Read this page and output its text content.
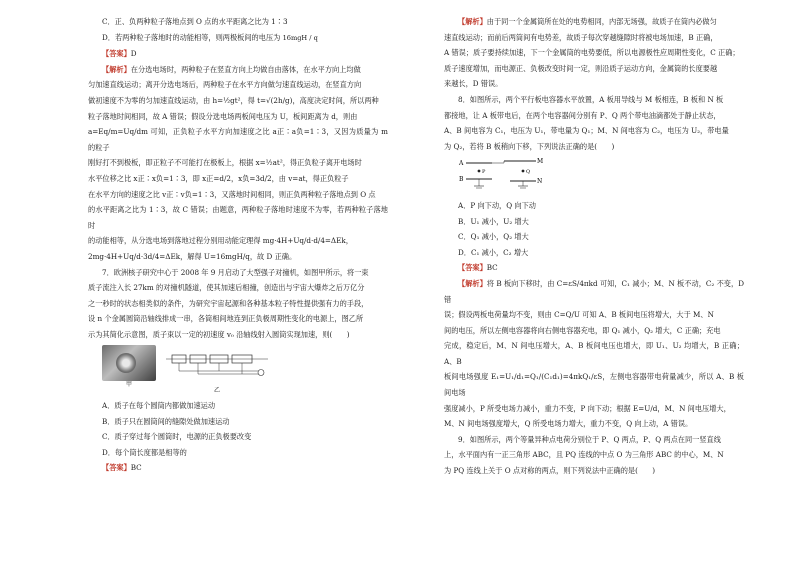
C．正、负两种粒子落地点到 O 点的水平距离之比为 1∶3

D．若两种粒子落地时的动能相等，则两极板间的电压为 16mgH / q

【答案】D

【解析】在分选电场时，两种粒子在竖直方向上均做自由落体，在水平方向上均做

匀加速直线运动；离开分选电场后，两种粒子在水平方向做匀速直线运动，在竖直方向

做初速度不为零的匀加速直线运动，由 h=½gt²，得 t=√(2h/g)，高度决定时间，所以两种

粒子落地时间相同，故 A 错误；假设分选电场两板间电压为 U，板间距离为 d，则由

a=Eq/m=Uq/dm 可知，正负粒子水平方向加速度之比 a正∶a负=1∶3，又因为质量为 m 的粒子

刚好打不到极板，即正粒子不可能打在极板上，根据 x=½at²，得正负粒子离开电场时

水平位移之比 x正∶x负=1∶3，即 x正=d/2，x负=3d/2，由 v=at，得正负粒子

在水平方向的速度之比 v正∶v负=1∶3，又落地时间相同，则正负两种粒子落地点到 O 点

的水平距离之比为 1∶3，故 C 错误；由题意，两种粒子落地时速度不为零，若两种粒子落地时

的动能相等，从分选电场到落地过程分别用动能定理得 mg·4H+Uq/d·d/4=ΔEk，

2mg·4H+Uq/d·3d/4=ΔEk，解得 U=16mgH/q，故 D 正确。

7．欧洲核子研究中心于 2008 年 9 月启动了大型强子对撞机，如图甲所示，将一束

质子流注入长 27km 的对撞机隧道，使其加速后相撞，创造出与宇宙大爆炸之后万亿分

之一秒时的状态相类似的条件，为研究宇宙起源和各种基本粒子特性提供强有力的手段，

设 n 个金属圆筒沿轴线排成一串，各筒相间地连到正负极周期性变化的电源上，图乙所

示为其简化示意图，质子束以一定的初速度 v₀ 沿轴线射入圆筒实现加速，则(　　)

甲
乙

A．质子在每个圆筒内都做加速运动

B．质子只在圆筒间的缝隙处做加速运动

C．质子穿过每个圆筒时，电源的正负极要改变

D．每个筒长度都是相等的

【答案】BC

【解析】由于同一个金属筒所在处的电势相同，内部无场强，故质子在筒内必做匀

速直线运动；而前后两筒间有电势差，故质子每次穿越缝隙时将被电场加速，B 正确，

A 错误；质子要持续加速，下一个金属筒的电势要低，所以电源极性应周期性变化，C 正确；

质子速度增加，而电源正、负极改变时间一定，则沿质子运动方向，金属筒的长度要越

来越长，D 错误。

8．如图所示，两个平行板电容器水平放置，A 板用导线与 M 板相连，B 板和 N 板

都接地，让 A 板带电后，在两个电容器间分别有 P、Q 两个带电油滴都处于静止状态，

A、B 间电容为 C₁，电压为 U₁，带电量为 Q₁；M、N 间电容为 C₂，电压为 U₂，带电量

为 Q₂，若将 B 板稍向下移，下列说法正确的是(　　)

A
B
P
M
N
Q

A．P 向下动，Q 向下动

B．U₁ 减小，U₂ 增大

C．Q₁ 减小，Q₂ 增大

D．C₁ 减小，C₂ 增大

【答案】BC

【解析】将 B 板向下移时，由 C=εS/4πkd 可知，C₁ 减小；M、N 板不动，C₂ 不变，D 错

误；假设两板电荷量均不变，则由 C=Q/U 可知 A、B 板间电压将增大，大于 M、N

间的电压，所以左侧电容器将向右侧电容器充电，即 Q₁ 减小，Q₂ 增大，C 正确；充电

完成，稳定后，M、N 间电压增大，A、B 板间电压也增大，即 U₁、U₂ 均增大，B 正确；A、B

板间电场强度 E₁=U₁/d₁=Q₁/(C₁d₁)=4πkQ₁/εS，左侧电容器带电荷量减少，所以 A、B 板间电场

强度减小，P 所受电场力减小，重力不变，P 向下动；根据 E=U/d，M、N 间电压增大，

M、N 间电场强度增大，Q 所受电场力增大，重力不变，Q 向上动，A 错误。

9．如图所示，两个等量异种点电荷分别位于 P、Q 两点，P、Q 两点在同一竖直线

上，水平面内有一正三角形 ABC，且 PQ 连线的中点 O 为三角形 ABC 的中心，M、N

为 PQ 连线上关于 O 点对称的两点，则下列说法中正确的是(　　)
